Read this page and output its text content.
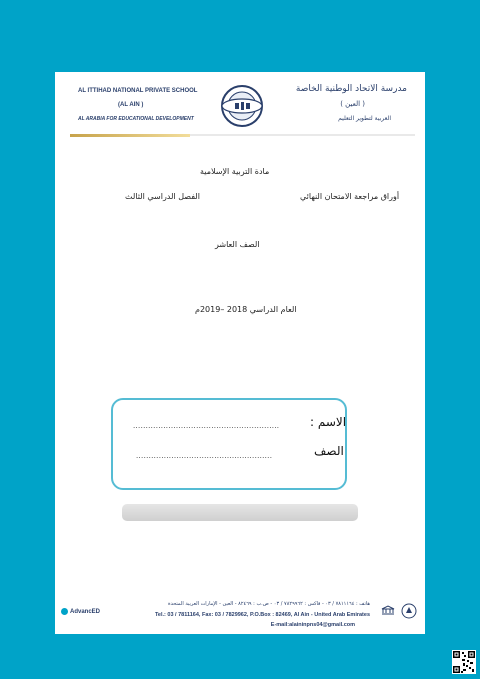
AL ITTIHAD NATIONAL PRIVATE SCHOOL
(AL AIN )
AL ARABIA FOR EDUCATIONAL DEVELOPMENT
مدرسة الاتحاد الوطنية الخاصة
( العين )
العربية لتطوير التعليم
مادة التربية الإسلامية
أوراق مراجعة الامتحان النهائي
الفصل الدراسي الثالث
الصف العاشر
العام الدراسي 2018 –2019م
الاسم :
..........................................................
الصف
......................................................
AdvancED
هاتف : ٧٨١١١٦٤ / ٠٣ - فاكس : ٧٨٢٩٩٦٢ / ٠٣ - ص.ب : ٨٢٤٦٩ - العين - الإمارات العربية المتحدة
Tel.: 03 / 7811164, Fax: 03 / 7829962, P.O.Box : 82469, Al Ain - United Arab Emirates
E-mail:alaininpns04@gmail.com
